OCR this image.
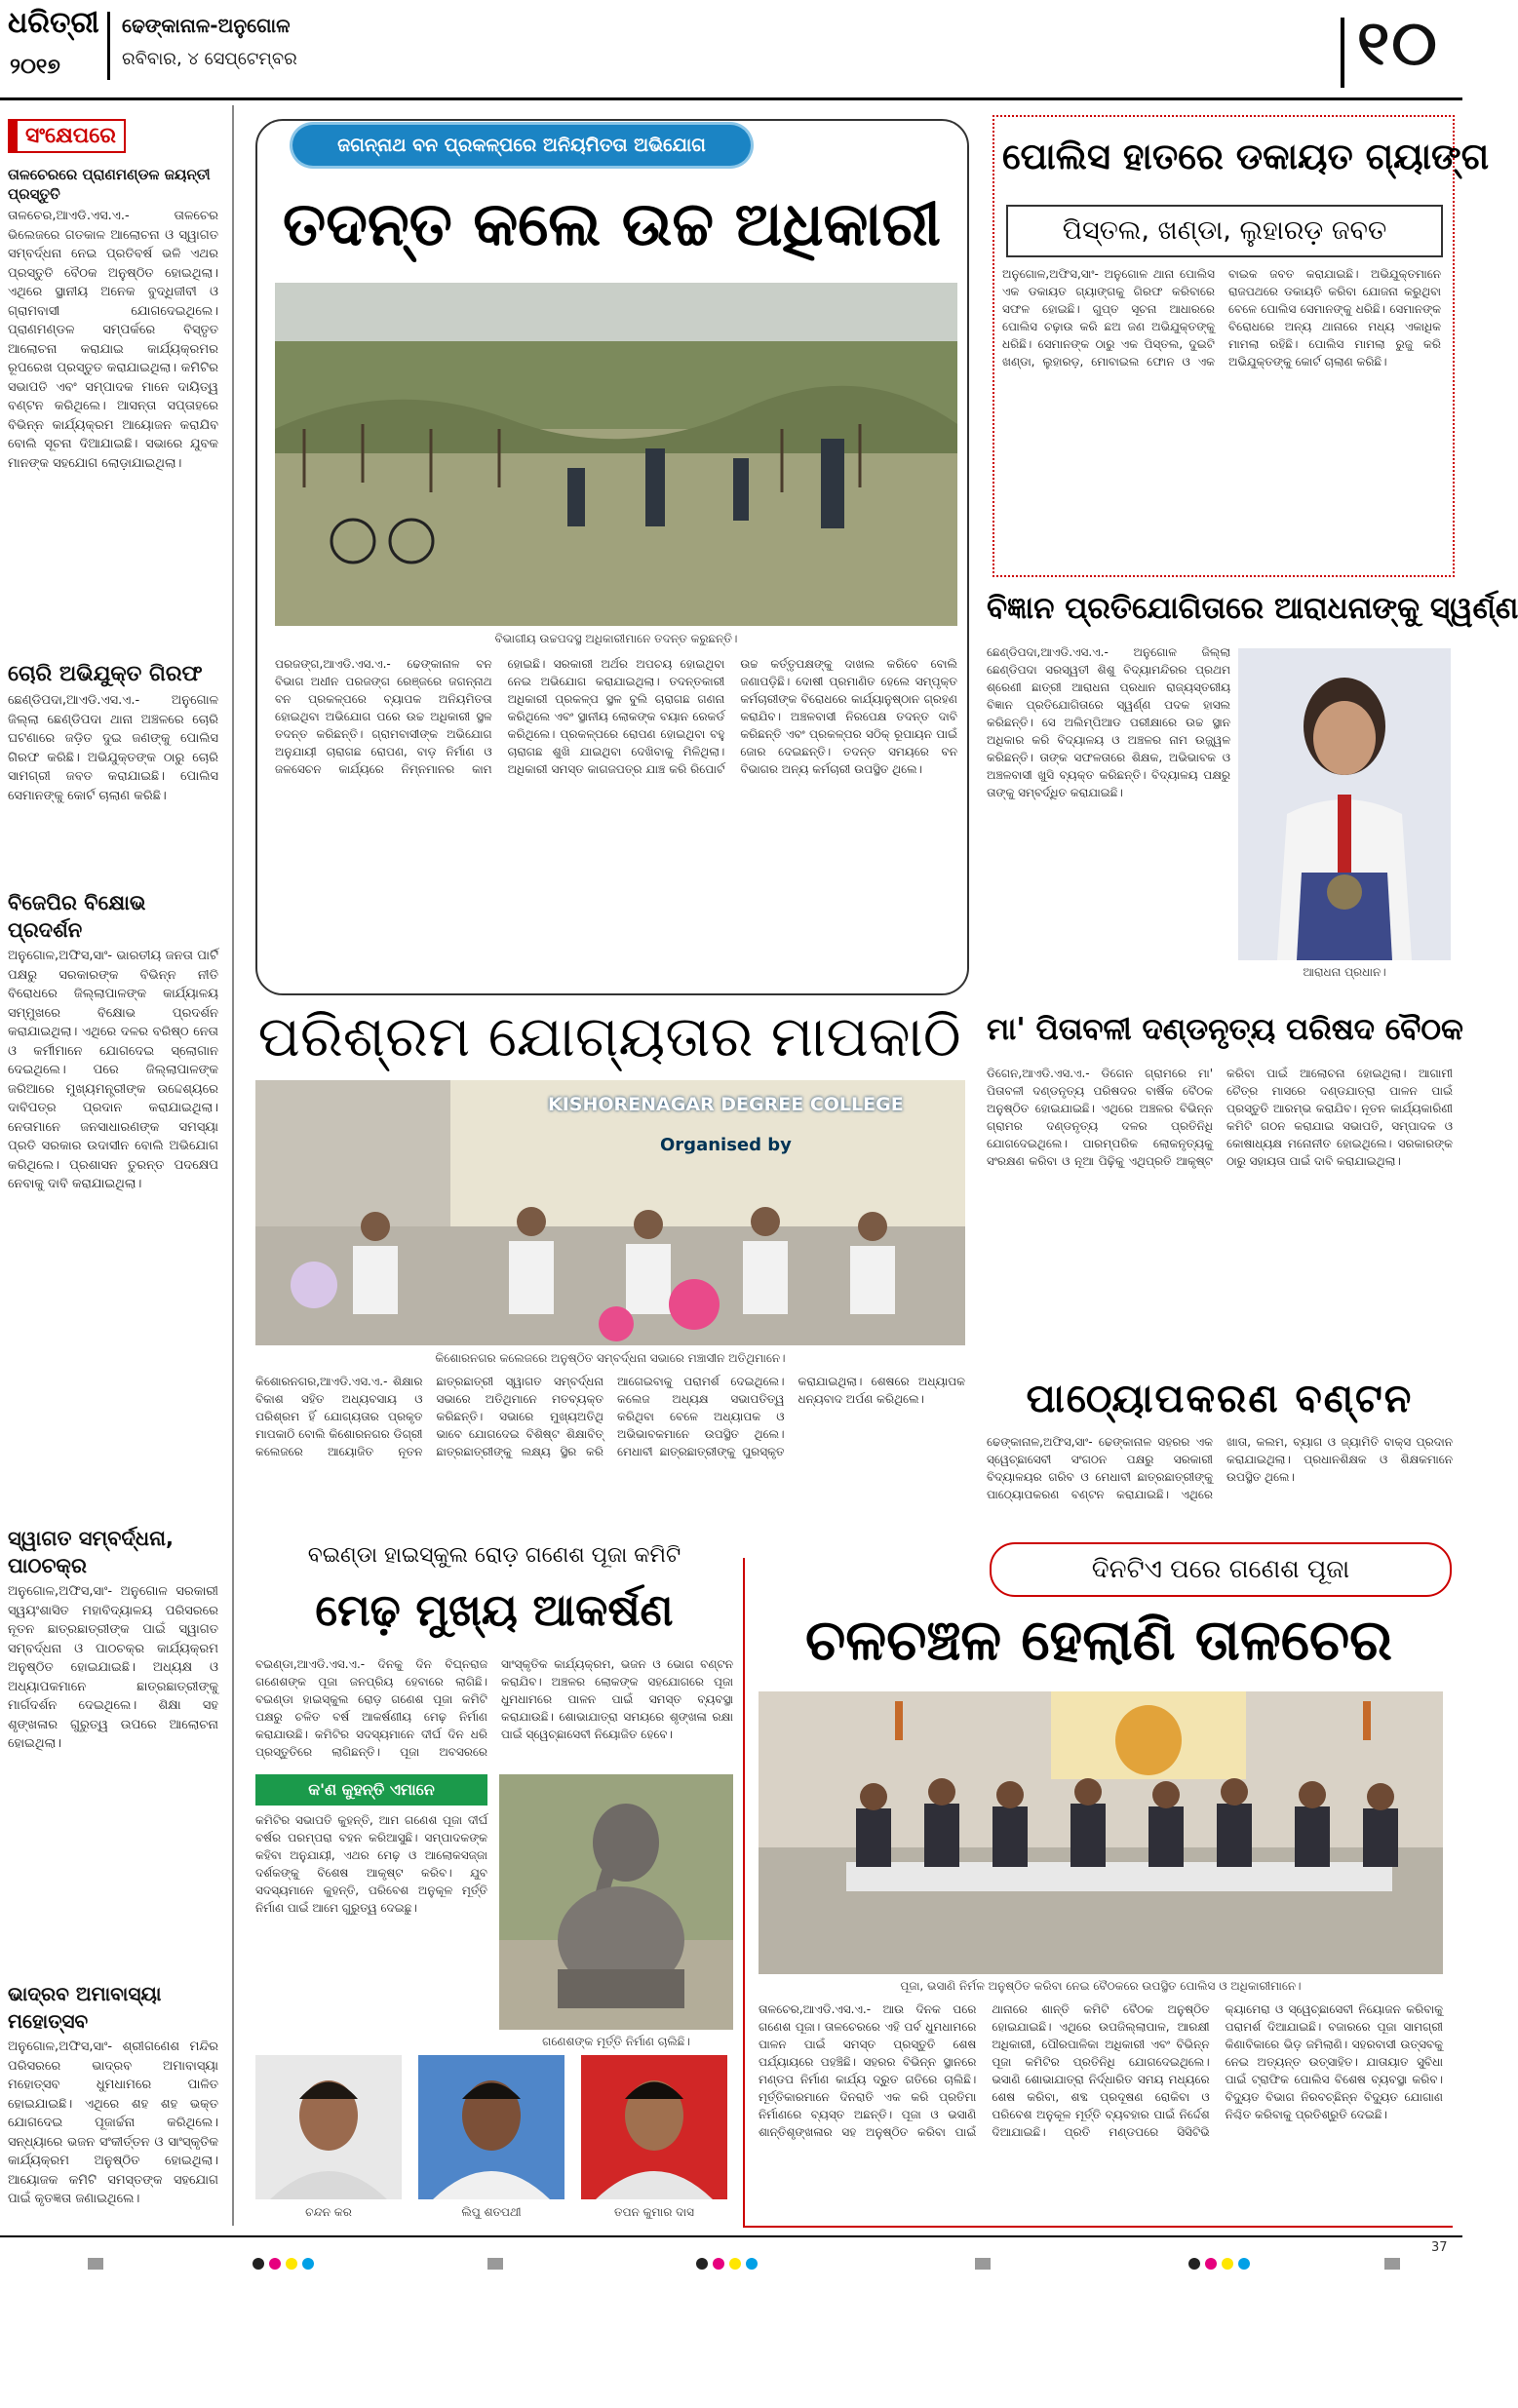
ଧରିତ୍ରୀ
୨୦୧୭
ଢେଙ୍କାନାଳ-ଅନୁଗୋଳ
ରବିବାର, ୪ ସେପ୍ଟେମ୍ବର	୧୦
ସଂକ୍ଷେପରେ
ତାଳଚେରରେ ପ୍ରାଣମଣ୍ଡଳ ଜୟନ୍ତୀ ପ୍ରସ୍ତୁତି
ତାଳଚେର,ଆଏଡି.ଏସ.ଏ.- ତାଳଚେର ଭିଲେଜରେ ଗତକାଳ ଆଲୋଚନା ଓ ସ୍ୱାଗତ ସମ୍ବର୍ଦ୍ଧନା ନେଇ ପ୍ରତିବର୍ଷ ଭଳି ଏଥର ପ୍ରସ୍ତୁତି ବୈଠକ ଅନୁଷ୍ଠିତ ହୋଇଥିଲା। ଏଥିରେ ସ୍ଥାନୀୟ ଅନେକ ବୁଦ୍ଧିଜୀବୀ ଓ ଗ୍ରାମବାସୀ ଯୋଗଦେଇଥିଲେ। ପ୍ରାଣମଣ୍ଡଳ ସମ୍ପର୍କରେ ବିସ୍ତୃତ ଆଲୋଚନା କରାଯାଇ କାର୍ଯ୍ୟକ୍ରମର ରୂପରେଖ ପ୍ରସ୍ତୁତ କରାଯାଇଥିଲା। କମିଟିର ସଭାପତି ଏବଂ ସମ୍ପାଦକ ମାନେ ଦାୟିତ୍ୱ ବଣ୍ଟନ କରିଥିଲେ। ଆସନ୍ତା ସପ୍ତାହରେ ବିଭିନ୍ନ କାର୍ଯ୍ୟକ୍ରମ ଆୟୋଜନ କରାଯିବ ବୋଲି ସୂଚନା ଦିଆଯାଇଛି। ସଭାରେ ଯୁବକ ମାନଙ୍କ ସହଯୋଗ ଲୋଡ଼ାଯାଇଥିଲା।
ଚୋରି ଅଭିଯୁକ୍ତ ଗିରଫ
ଛେଣ୍ଡିପଦା,ଆଏଡି.ଏସ.ଏ.- ଅନୁଗୋଳ ଜିଲ୍ଲା ଛେଣ୍ଡିପଦା ଥାନା ଅଞ୍ଚଳରେ ଚୋରି ଘଟଣାରେ ଜଡ଼ିତ ଦୁଇ ଜଣଙ୍କୁ ପୋଲିସ ଗିରଫ କରିଛି। ଅଭିଯୁକ୍ତଙ୍କ ଠାରୁ ଚୋରି ସାମଗ୍ରୀ ଜବତ କରାଯାଇଛି। ପୋଲିସ ସେମାନଙ୍କୁ କୋର୍ଟ ଚାଲାଣ କରିଛି।
ବିଜେପିର ବିକ୍ଷୋଭ ପ୍ରଦର୍ଶନ
ଅନୁଗୋଳ,ଅଫିସ,ସାଂ- ଭାରତୀୟ ଜନତା ପାର୍ଟି ପକ୍ଷରୁ ସରକାରଙ୍କ ବିଭିନ୍ନ ନୀତି ବିରୋଧରେ ଜିଲ୍ଲାପାଳଙ୍କ କାର୍ଯ୍ୟାଳୟ ସମ୍ମୁଖରେ ବିକ୍ଷୋଭ ପ୍ରଦର୍ଶନ କରାଯାଇଥିଲା। ଏଥିରେ ଦଳର ବରିଷ୍ଠ ନେତା ଓ କର୍ମୀମାନେ ଯୋଗଦେଇ ସ୍ଲୋଗାନ ଦେଇଥିଲେ। ପରେ ଜିଲ୍ଲାପାଳଙ୍କ ଜରିଆରେ ମୁଖ୍ୟମନ୍ତ୍ରୀଙ୍କ ଉଦ୍ଦେଶ୍ୟରେ ଦାବିପତ୍ର ପ୍ରଦାନ କରାଯାଇଥିଲା। ନେତାମାନେ ଜନସାଧାରଣଙ୍କ ସମସ୍ୟା ପ୍ରତି ସରକାର ଉଦାସୀନ ବୋଲି ଅଭିଯୋଗ କରିଥିଲେ। ପ୍ରଶାସନ ତୁରନ୍ତ ପଦକ୍ଷେପ ନେବାକୁ ଦାବି କରାଯାଇଥିଲା।
ସ୍ୱାଗତ ସମ୍ବର୍ଦ୍ଧନା, ପାଠଚକ୍ର
ଅନୁଗୋଳ,ଅଫିସ,ସାଂ- ଅନୁଗୋଳ ସରକାରୀ ସ୍ୱୟଂଶାସିତ ମହାବିଦ୍ୟାଳୟ ପରିସରରେ ନୂତନ ଛାତ୍ରଛାତ୍ରୀଙ୍କ ପାଇଁ ସ୍ୱାଗତ ସମ୍ବର୍ଦ୍ଧନା ଓ ପାଠଚକ୍ର କାର୍ଯ୍ୟକ୍ରମ ଅନୁଷ୍ଠିତ ହୋଇଯାଇଛି। ଅଧ୍ୟକ୍ଷ ଓ ଅଧ୍ୟାପକମାନେ ଛାତ୍ରଛାତ୍ରୀଙ୍କୁ ମାର୍ଗଦର୍ଶନ ଦେଇଥିଲେ। ଶିକ୍ଷା ସହ ଶୃଙ୍ଖଳାର ଗୁରୁତ୍ୱ ଉପରେ ଆଲୋଚନା ହୋଇଥିଲା।
ଭାଦ୍ରବ ଅମାବାସ୍ୟା ମହୋତ୍ସବ
ଅନୁଗୋଳ,ଅଫିସ,ସାଂ- ଶ୍ରୀଗଣେଶ ମନ୍ଦିର ପରିସରରେ ଭାଦ୍ରବ ଅମାବାସ୍ୟା ମହୋତ୍ସବ ଧୁମଧାମରେ ପାଳିତ ହୋଇଯାଇଛି। ଏଥିରେ ଶହ ଶହ ଭକ୍ତ ଯୋଗଦେଇ ପୂଜାର୍ଚ୍ଚନା କରିଥିଲେ। ସନ୍ଧ୍ୟାରେ ଭଜନ ସଂକୀର୍ତ୍ତନ ଓ ସାଂସ୍କୃତିକ କାର୍ଯ୍ୟକ୍ରମ ଅନୁଷ୍ଠିତ ହୋଇଥିଲା। ଆୟୋଜକ କମିଟି ସମସ୍ତଙ୍କ ସହଯୋଗ ପାଇଁ କୃତଜ୍ଞତା ଜଣାଇଥିଲେ।
ଜଗନ୍ନାଥ ବନ ପ୍ରକଳ୍ପରେ ଅନିୟମିତତା ଅଭିଯୋଗ
ତଦନ୍ତ କଲେ ଉଚ୍ଚ ଅଧିକାରୀ
ବିଭାଗୀୟ ଉଚ୍ଚପଦସ୍ଥ ଅଧିକାରୀମାନେ ତଦନ୍ତ କରୁଛନ୍ତି।
ପରଜଙ୍ଗ,ଆଏଡି.ଏସ.ଏ.- ଢେଙ୍କାନାଳ ବନ ବିଭାଗ ଅଧୀନ ପରଜଙ୍ଗ ରେଞ୍ଜରେ ଜଗନ୍ନାଥ ବନ ପ୍ରକଳ୍ପରେ ବ୍ୟାପକ ଅନିୟମିତତା ହୋଇଥିବା ଅଭିଯୋଗ ପରେ ଉଚ୍ଚ ଅଧିକାରୀ ସ୍ଥଳ ତଦନ୍ତ କରିଛନ୍ତି। ଗ୍ରାମବାସୀଙ୍କ ଅଭିଯୋଗ ଅନୁଯାୟୀ ଚାରାଗଛ ରୋପଣ, ବାଡ଼ ନିର୍ମାଣ ଓ ଜଳସେଚନ କାର୍ଯ୍ୟରେ ନିମ୍ନମାନର କାମ ହୋଇଛି। ସରକାରୀ ଅର୍ଥର ଅପଚୟ ହୋଇଥିବା ନେଇ ଅଭିଯୋଗ କରାଯାଇଥିଲା। ତଦନ୍ତକାରୀ ଅଧିକାରୀ ପ୍ରକଳ୍ପ ସ୍ଥଳ ବୁଲି ଚାରାଗଛ ଗଣନା କରିଥିଲେ ଏବଂ ସ୍ଥାନୀୟ ଲୋକଙ୍କ ବୟାନ ରେକର୍ଡ କରିଥିଲେ। ପ୍ରକଳ୍ପରେ ରୋପଣ ହୋଇଥିବା ବହୁ ଚାରାଗଛ ଶୁଖି ଯାଇଥିବା ଦେଖିବାକୁ ମିଳିଥିଲା। ଅଧିକାରୀ ସମସ୍ତ କାଗଜପତ୍ର ଯାଞ୍ଚ କରି ରିପୋର୍ଟ ଉଚ୍ଚ କର୍ତ୍ତୃପକ୍ଷଙ୍କୁ ଦାଖଲ କରିବେ ବୋଲି ଜଣାପଡ଼ିଛି। ଦୋଷୀ ପ୍ରମାଣିତ ହେଲେ ସମ୍ପୃକ୍ତ କର୍ମଚାରୀଙ୍କ ବିରୋଧରେ କାର୍ଯ୍ୟାନୁଷ୍ଠାନ ଗ୍ରହଣ କରାଯିବ। ଅଞ୍ଚଳବାସୀ ନିରପେକ୍ଷ ତଦନ୍ତ ଦାବି କରିଛନ୍ତି ଏବଂ ପ୍ରକଳ୍ପର ସଠିକ୍ ରୂପାୟନ ପାଇଁ ଜୋର ଦେଇଛନ୍ତି। ତଦନ୍ତ ସମୟରେ ବନ ବିଭାଗର ଅନ୍ୟ କର୍ମଚାରୀ ଉପସ୍ଥିତ ଥିଲେ।
ପୋଲିସ ହାତରେ ଡକାୟତ ଗ୍ୟାଙ୍ଗ
ପିସ୍ତଲ, ଖଣ୍ଡା, ଲୁହାରଡ଼ ଜବତ
ଅନୁଗୋଳ,ଅଫିସ,ସାଂ- ଅନୁଗୋଳ ଥାନା ପୋଲିସ ଏକ ଡକାୟତ ଗ୍ୟାଙ୍ଗକୁ ଗିରଫ କରିବାରେ ସଫଳ ହୋଇଛି। ଗୁପ୍ତ ସୂଚନା ଆଧାରରେ ପୋଲିସ ଚଢ଼ାଉ କରି ଛଅ ଜଣ ଅଭିଯୁକ୍ତଙ୍କୁ ଧରିଛି। ସେମାନଙ୍କ ଠାରୁ ଏକ ପିସ୍ତଲ, ଦୁଇଟି ଖଣ୍ଡା, ଲୁହାରଡ଼, ମୋବାଇଲ ଫୋନ ଓ ଏକ ବାଇକ ଜବତ କରାଯାଇଛି। ଅଭିଯୁକ୍ତମାନେ ରାଜପଥରେ ଡକାୟତି କରିବା ଯୋଜନା କରୁଥିବା ବେଳେ ପୋଲିସ ସେମାନଙ୍କୁ ଧରିଛି। ସେମାନଙ୍କ ବିରୋଧରେ ଅନ୍ୟ ଥାନାରେ ମଧ୍ୟ ଏକାଧିକ ମାମଲା ରହିଛି। ପୋଲିସ ମାମଲା ରୁଜୁ କରି ଅଭିଯୁକ୍ତଙ୍କୁ କୋର୍ଟ ଚାଲାଣ କରିଛି।
ବିଜ୍ଞାନ ପ୍ରତିଯୋଗିତାରେ ଆରାଧନାଙ୍କୁ ସ୍ୱର୍ଣ୍ଣ
ଛେଣ୍ଡିପଦା,ଆଏଡି.ଏସ.ଏ.- ଅନୁଗୋଳ ଜିଲ୍ଲା ଛେଣ୍ଡିପଦା ସରସ୍ୱତୀ ଶିଶୁ ବିଦ୍ୟାମନ୍ଦିରର ପ୍ରଥମ ଶ୍ରେଣୀ ଛାତ୍ରୀ ଆରାଧନା ପ୍ରଧାନ ରାଜ୍ୟସ୍ତରୀୟ ବିଜ୍ଞାନ ପ୍ରତିଯୋଗିତାରେ ସ୍ୱର୍ଣ୍ଣ ପଦକ ହାସଲ କରିଛନ୍ତି। ସେ ଅଲିମ୍ପିଆଡ ପରୀକ୍ଷାରେ ଉଚ୍ଚ ସ୍ଥାନ ଅଧିକାର କରି ବିଦ୍ୟାଳୟ ଓ ଅଞ୍ଚଳର ନାମ ଉଜ୍ଜ୍ୱଳ କରିଛନ୍ତି। ତାଙ୍କ ସଫଳତାରେ ଶିକ୍ଷକ, ଅଭିଭାବକ ଓ ଅଞ୍ଚଳବାସୀ ଖୁସି ବ୍ୟକ୍ତ କରିଛନ୍ତି। ବିଦ୍ୟାଳୟ ପକ୍ଷରୁ ତାଙ୍କୁ ସମ୍ବର୍ଦ୍ଧିତ କରାଯାଇଛି।
ଆରାଧନା ପ୍ରଧାନ।
ପରିଶ୍ରମ ଯୋଗ୍ୟତାର ମାପକାଠି
KISHORENAGAR DEGREE COLLEGE
Organised by
କିଶୋରନଗର କଲେଜରେ ଅନୁଷ୍ଠିତ ସମ୍ବର୍ଦ୍ଧନା ସଭାରେ ମଞ୍ଚାସୀନ ଅତିଥିମାନେ।
କିଶୋରନଗର,ଆଏଡି.ଏସ.ଏ.- ଶିକ୍ଷାର ବିକାଶ ସହିତ ଅଧ୍ୟବସାୟ ଓ ପରିଶ୍ରମ ହିଁ ଯୋଗ୍ୟତାର ପ୍ରକୃତ ମାପକାଠି ବୋଲି କିଶୋରନଗର ଡିଗ୍ରୀ କଲେଜରେ ଆୟୋଜିତ ନୂତନ ଛାତ୍ରଛାତ୍ରୀ ସ୍ୱାଗତ ସମ୍ବର୍ଦ୍ଧନା ସଭାରେ ଅତିଥିମାନେ ମତବ୍ୟକ୍ତ କରିଛନ୍ତି। ସଭାରେ ମୁଖ୍ୟଅତିଥି ଭାବେ ଯୋଗଦେଇ ବିଶିଷ୍ଟ ଶିକ୍ଷାବିତ୍ ଛାତ୍ରଛାତ୍ରୀଙ୍କୁ ଲକ୍ଷ୍ୟ ସ୍ଥିର କରି ଆଗେଇବାକୁ ପରାମର୍ଶ ଦେଇଥିଲେ। କଲେଜ ଅଧ୍ୟକ୍ଷ ସଭାପତିତ୍ୱ କରିଥିବା ବେଳେ ଅଧ୍ୟାପକ ଓ ଅଭିଭାବକମାନେ ଉପସ୍ଥିତ ଥିଲେ। ମେଧାବୀ ଛାତ୍ରଛାତ୍ରୀଙ୍କୁ ପୁରସ୍କୃତ କରାଯାଇଥିଲା। ଶେଷରେ ଅଧ୍ୟାପକ ଧନ୍ୟବାଦ ଅର୍ପଣ କରିଥିଲେ।
ମା' ପିତାବଳୀ ଦଣ୍ଡନୃତ୍ୟ ପରିଷଦ ବୈଠକ
ଡିଗେନ,ଆଏଡି.ଏସ.ଏ.- ଡିଗେନ ଗ୍ରାମରେ ମା' ପିତାବଳୀ ଦଣ୍ଡନୃତ୍ୟ ପରିଷଦର ବାର୍ଷିକ ବୈଠକ ଅନୁଷ୍ଠିତ ହୋଇଯାଇଛି। ଏଥିରେ ଅଞ୍ଚଳର ବିଭିନ୍ନ ଗ୍ରାମର ଦଣ୍ଡନୃତ୍ୟ ଦଳର ପ୍ରତିନିଧି ଯୋଗଦେଇଥିଲେ। ପାରମ୍ପରିକ ଲୋକନୃତ୍ୟକୁ ସଂରକ୍ଷଣ କରିବା ଓ ନୂଆ ପିଢ଼ିକୁ ଏଥିପ୍ରତି ଆକୃଷ୍ଟ କରିବା ପାଇଁ ଆଲୋଚନା ହୋଇଥିଲା। ଆଗାମୀ ଚୈତ୍ର ମାସରେ ଦଣ୍ଡଯାତ୍ରା ପାଳନ ପାଇଁ ପ୍ରସ୍ତୁତି ଆରମ୍ଭ କରାଯିବ। ନୂତନ କାର୍ଯ୍ୟକାରିଣୀ କମିଟି ଗଠନ କରାଯାଇ ସଭାପତି, ସମ୍ପାଦକ ଓ କୋଷାଧ୍ୟକ୍ଷ ମନୋନୀତ ହୋଇଥିଲେ। ସରକାରଙ୍କ ଠାରୁ ସହାୟତା ପାଇଁ ଦାବି କରାଯାଇଥିଲା।
ପାଠ୍ୟୋପକରଣ ବଣ୍ଟନ
ଢେଙ୍କାନାଳ,ଅଫିସ,ସାଂ- ଢେଙ୍କାନାଳ ସହରର ଏକ ସ୍ୱେଚ୍ଛାସେବୀ ସଂଗଠନ ପକ୍ଷରୁ ସରକାରୀ ବିଦ୍ୟାଳୟର ଗରିବ ଓ ମେଧାବୀ ଛାତ୍ରଛାତ୍ରୀଙ୍କୁ ପାଠ୍ୟୋପକରଣ ବଣ୍ଟନ କରାଯାଇଛି। ଏଥିରେ ଖାତା, କଲମ, ବ୍ୟାଗ ଓ ଜ୍ୟାମିତି ବାକ୍ସ ପ୍ରଦାନ କରାଯାଇଥିଲା। ପ୍ରଧାନଶିକ୍ଷକ ଓ ଶିକ୍ଷକମାନେ ଉପସ୍ଥିତ ଥିଲେ।
ବଇଣ୍ଡା ହାଇସ୍କୁଲ ରୋଡ଼ ଗଣେଶ ପୂଜା କମିଟି
ମେଢ଼ ମୁଖ୍ୟ ଆକର୍ଷଣ
ବଇଣ୍ଡା,ଆଏଡି.ଏସ.ଏ.- ଦିନକୁ ଦିନ ବିଘ୍ନରାଜ ଗଣେଶଙ୍କ ପୂଜା ଜନପ୍ରିୟ ହେବାରେ ଲାଗିଛି। ବଇଣ୍ଡା ହାଇସ୍କୁଲ ରୋଡ଼ ଗଣେଶ ପୂଜା କମିଟି ପକ୍ଷରୁ ଚଳିତ ବର୍ଷ ଆକର୍ଷଣୀୟ ମେଢ଼ ନିର୍ମାଣ କରାଯାଉଛି। କମିଟିର ସଦସ୍ୟମାନେ ଦୀର୍ଘ ଦିନ ଧରି ପ୍ରସ୍ତୁତିରେ ଲାଗିଛନ୍ତି। ପୂଜା ଅବସରରେ ସାଂସ୍କୃତିକ କାର୍ଯ୍ୟକ୍ରମ, ଭଜନ ଓ ଭୋଗ ବଣ୍ଟନ କରାଯିବ। ଅଞ୍ଚଳର ଲୋକଙ୍କ ସହଯୋଗରେ ପୂଜା ଧୁମଧାମରେ ପାଳନ ପାଇଁ ସମସ୍ତ ବ୍ୟବସ୍ଥା କରାଯାଉଛି। ଶୋଭାଯାତ୍ରା ସମୟରେ ଶୃଙ୍ଖଳା ରକ୍ଷା ପାଇଁ ସ୍ୱେଚ୍ଛାସେବୀ ନିୟୋଜିତ ହେବେ।
କ'ଣ କୁହନ୍ତି ଏମାନେ
କମିଟିର ସଭାପତି କୁହନ୍ତି, ଆମ ଗଣେଶ ପୂଜା ଦୀର୍ଘ ବର୍ଷର ପରମ୍ପରା ବହନ କରିଆସୁଛି। ସମ୍ପାଦକଙ୍କ କହିବା ଅନୁଯାୟୀ, ଏଥର ମେଢ଼ ଓ ଆଲୋକସଜ୍ଜା ଦର୍ଶକଙ୍କୁ ବିଶେଷ ଆକୃଷ୍ଟ କରିବ। ଯୁବ ସଦସ୍ୟମାନେ କୁହନ୍ତି, ପରିବେଶ ଅନୁକୂଳ ମୂର୍ତ୍ତି ନିର୍ମାଣ ପାଇଁ ଆମେ ଗୁରୁତ୍ୱ ଦେଇଛୁ।
ଗଣେଶଙ୍କ ମୂର୍ତ୍ତି ନିର୍ମାଣ ଚାଲିଛି।
ଚନ୍ଦନ କର	ଲିପୁ ଶତପଥୀ	ତପନ କୁମାର ଦାସ
ଦିନଟିଏ ପରେ ଗଣେଶ ପୂଜା
ଚଳଚଞ୍ଚଳ ହେଲାଣି ତାଳଚେର
ପୂଜା, ଭସାଣି ନିର୍ମଳ ଅନୁଷ୍ଠିତ କରିବା ନେଇ ବୈଠକରେ ଉପସ୍ଥିତ ପୋଲିସ ଓ ଅଧିକାରୀମାନେ।
ତାଳଚେର,ଆଏଡି.ଏସ.ଏ.- ଆଉ ଦିନକ ପରେ ଗଣେଶ ପୂଜା। ତାଳଚେରରେ ଏହି ପର୍ବ ଧୁମଧାମରେ ପାଳନ ପାଇଁ ସମସ୍ତ ପ୍ରସ୍ତୁତି ଶେଷ ପର୍ଯ୍ୟାୟରେ ପହଞ୍ଚିଛି। ସହରର ବିଭିନ୍ନ ସ୍ଥାନରେ ମଣ୍ଡପ ନିର୍ମାଣ କାର୍ଯ୍ୟ ଦ୍ରୁତ ଗତିରେ ଚାଲିଛି। ମୂର୍ତ୍ତିକାରମାନେ ଦିନରାତି ଏକ କରି ପ୍ରତିମା ନିର୍ମାଣରେ ବ୍ୟସ୍ତ ଅଛନ୍ତି। ପୂଜା ଓ ଭସାଣି ଶାନ୍ତିଶୃଙ୍ଖଳାର ସହ ଅନୁଷ୍ଠିତ କରିବା ପାଇଁ ଥାନାରେ ଶାନ୍ତି କମିଟି ବୈଠକ ଅନୁଷ୍ଠିତ ହୋଇଯାଇଛି। ଏଥିରେ ଉପଜିଲ୍ଲାପାଳ, ଆରକ୍ଷୀ ଅଧିକାରୀ, ପୌରପାଳିକା ଅଧିକାରୀ ଏବଂ ବିଭିନ୍ନ ପୂଜା କମିଟିର ପ୍ରତିନିଧି ଯୋଗଦେଇଥିଲେ। ଭସାଣି ଶୋଭାଯାତ୍ରା ନିର୍ଦ୍ଧାରିତ ସମୟ ମଧ୍ୟରେ ଶେଷ କରିବା, ଶବ୍ଦ ପ୍ରଦୂଷଣ ରୋକିବା ଓ ପରିବେଶ ଅନୁକୂଳ ମୂର୍ତ୍ତି ବ୍ୟବହାର ପାଇଁ ନିର୍ଦ୍ଦେଶ ଦିଆଯାଇଛି। ପ୍ରତି ମଣ୍ଡପରେ ସିସିଟିଭି କ୍ୟାମେରା ଓ ସ୍ୱେଚ୍ଛାସେବୀ ନିୟୋଜନ କରିବାକୁ ପରାମର୍ଶ ଦିଆଯାଇଛି। ବଜାରରେ ପୂଜା ସାମଗ୍ରୀ କିଣାବିକାରେ ଭିଡ଼ ଜମିଲାଣି। ସହରବାସୀ ଉତ୍ସବକୁ ନେଇ ଅତ୍ୟନ୍ତ ଉତ୍ସାହିତ। ଯାତାୟାତ ସୁବିଧା ପାଇଁ ଟ୍ରାଫିକ ପୋଲିସ ବିଶେଷ ବ୍ୟବସ୍ଥା କରିବ। ବିଦ୍ୟୁତ ବିଭାଗ ନିରବଚ୍ଛିନ୍ନ ବିଦ୍ୟୁତ ଯୋଗାଣ ନିଶ୍ଚିତ କରିବାକୁ ପ୍ରତିଶ୍ରୁତି ଦେଇଛି।
37
